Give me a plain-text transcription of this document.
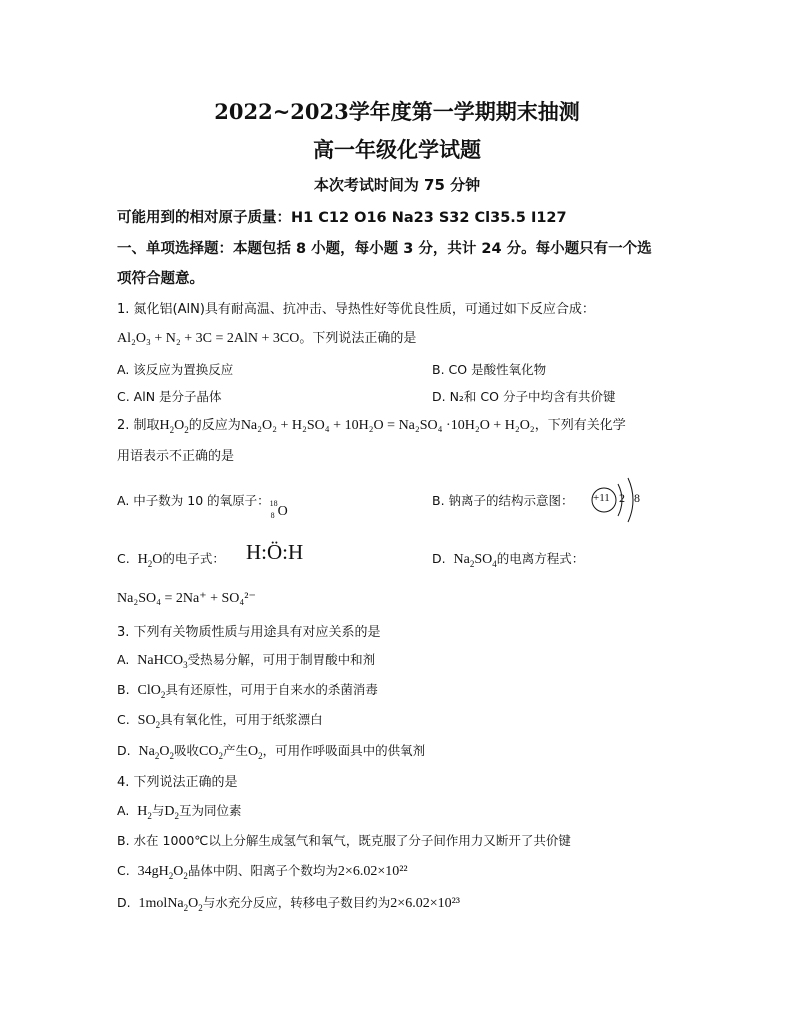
2022~2023学年度第一学期期末抽测
高一年级化学试题
本次考试时间为 75 分钟
可能用到的相对原子质量：H1 C12 O16 Na23 S32 Cl35.5 I127
一、单项选择题：本题包括 8 小题，每小题 3 分，共计 24 分。每小题只有一个选
项符合题意。
1. 氮化铝(AlN)具有耐高温、抗冲击、导热性好等优良性质，可通过如下反应合成：
Al₂O₃ + N₂ + 3C = 2AlN + 3CO。下列说法正确的是
A. 该反应为置换反应	B. CO 是酸性氧化物
C. AlN 是分子晶体	D. N₂和 CO 分子中均含有共价键
2. 制取$H_2O_2$的反应为Na₂O₂ + H₂SO₄ + 10H₂O = Na₂SO₄ ·10H₂O + H₂O₂，下列有关化学
用语表示不正确的是
A. 中子数为 10 的氧原子： 18
8 O
B. 钠离子的结构示意图： +11 2 8
C.  $H_2O$的电子式： H:Ö:H	D.  $Na_2SO_4$的电离方程式：
Na₂SO₄ = 2Na⁺ + SO₄²⁻
3. 下列有关物质性质与用途具有对应关系的是
A.  NaHCO$_3$受热易分解，可用于制胃酸中和剂
B.  ClO$_2$具有还原性，可用于自来水的杀菌消毒
C.  $SO_2$具有氧化性，可用于纸浆漂白
D.  $Na_2O_2$吸收$CO_2$产生$O_2$，可用作呼吸面具中的供氧剂
4. 下列说法正确的是
A.  $H_2$与$D_2$互为同位素
B. 水在 1000℃以上分解生成氢气和氧气，既克服了分子间作用力又断开了共价键
C.  $34gH_2O_2$晶体中阴、阳离子个数均为2×6.02×10²²
D.  $1molNa_2O_2$与水充分反应，转移电子数目约为2×6.02×10²³
